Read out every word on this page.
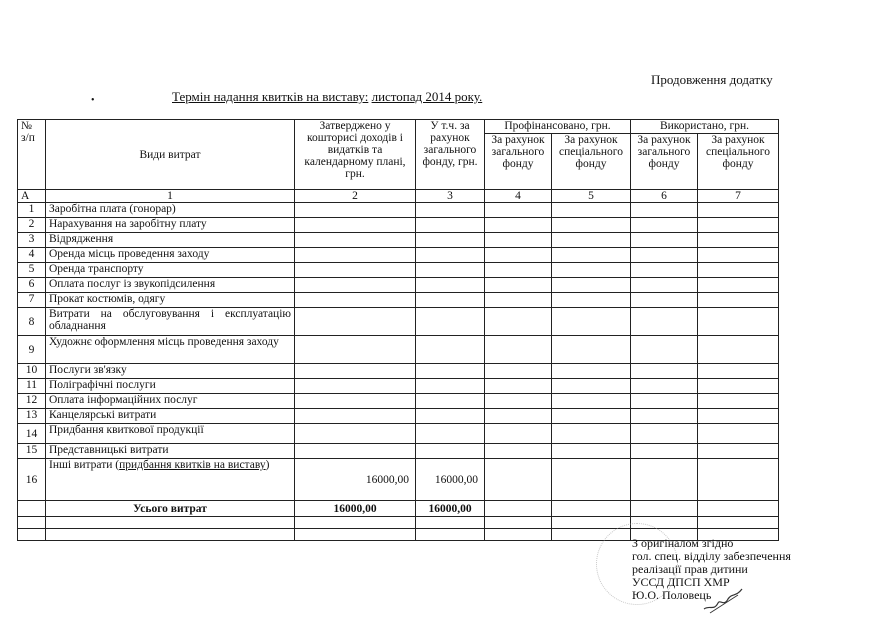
Продовження додатку
•	Термін надання квитків на виставу: листопад 2014 року.
№
з/п	Види витрат	Затверджено у кошторисі доходів і видатків та календарному плані, грн.	У т.ч. за рахунок загального фонду, грн.	Профінансовано, грн.		Використано, грн.	
				За рахунок загального фонду	За рахунок спеціального фонду	За рахунок загального фонду	За рахунок спеціального фонду
А	1	2	3	4	5	6	7
1	Заробітна плата (гонорар)						
2	Нарахування на заробітну плату						
3	Відрядження						
4	Оренда місць проведення заходу						
5	Оренда транспорту						
6	Оплата послуг із звукопідсилення						
7	Прокат костюмів, одягу						
8	Витрати на обслуговування і експлуатацію обладнання						
9	Художнє оформлення місць проведення заходу						
10	Послуги зв'язку						
11	Поліграфічні послуги						
12	Оплата інформаційних послуг						
13	Канцелярські витрати						
14	Придбання квиткової продукції						
15	Представницькі витрати						
16	Інші витрати (придбання квитків на виставу)	16000,00	16000,00				
	Усього витрат	16000,00	16000,00				

З оригіналом згідно
гол. спец. відділу забезпечення
реалізації прав дитини
УССД ДПСП ХМР
Ю.О. Половець
